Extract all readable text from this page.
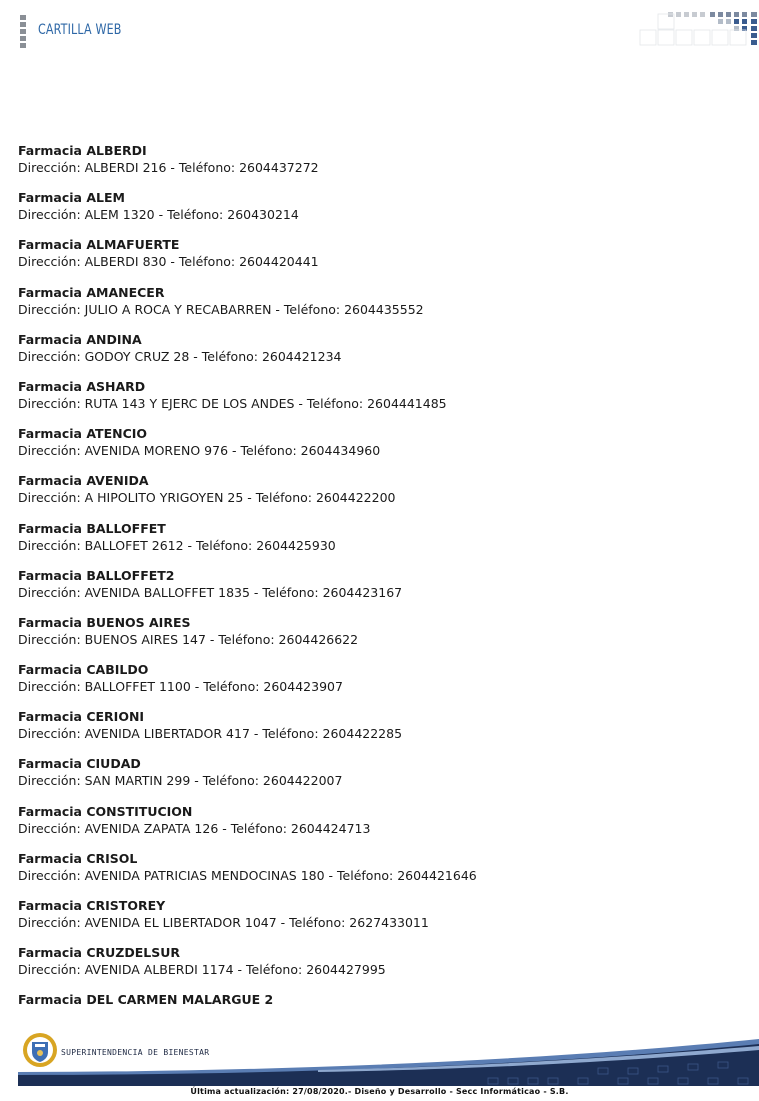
CARTILLA WEB
Farmacia ALBERDI
Dirección: ALBERDI 216 - Teléfono: 2604437272
Farmacia ALEM
Dirección: ALEM 1320 - Teléfono: 260430214
Farmacia ALMAFUERTE
Dirección: ALBERDI 830 - Teléfono: 2604420441
Farmacia AMANECER
Dirección: JULIO A ROCA Y RECABARREN - Teléfono: 2604435552
Farmacia ANDINA
Dirección: GODOY CRUZ 28 - Teléfono: 2604421234
Farmacia ASHARD
Dirección: RUTA 143 Y EJERC DE LOS ANDES - Teléfono: 2604441485
Farmacia ATENCIO
Dirección: AVENIDA MORENO 976 - Teléfono: 2604434960
Farmacia AVENIDA
Dirección: A HIPOLITO YRIGOYEN 25 - Teléfono: 2604422200
Farmacia BALLOFFET
Dirección: BALLOFET 2612 - Teléfono: 2604425930
Farmacia BALLOFFET2
Dirección: AVENIDA BALLOFFET 1835 - Teléfono: 2604423167
Farmacia BUENOS AIRES
Dirección: BUENOS AIRES 147 - Teléfono: 2604426622
Farmacia CABILDO
Dirección: BALLOFFET 1100 - Teléfono: 2604423907
Farmacia CERIONI
Dirección: AVENIDA LIBERTADOR 417 - Teléfono: 2604422285
Farmacia CIUDAD
Dirección: SAN MARTIN 299 - Teléfono: 2604422007
Farmacia CONSTITUCION
Dirección: AVENIDA ZAPATA 126 - Teléfono: 2604424713
Farmacia CRISOL
Dirección: AVENIDA PATRICIAS MENDOCINAS 180 - Teléfono: 2604421646
Farmacia CRISTOREY
Dirección: AVENIDA EL LIBERTADOR 1047 - Teléfono: 2627433011
Farmacia CRUZDELSUR
Dirección: AVENIDA ALBERDI 1174 - Teléfono: 2604427995
Farmacia DEL CARMEN MALARGUE 2
SUPERINTENDENCIA DE BIENESTAR
Última actualización: 27/08/2020.- Diseño y Desarrollo - Secc Informáticao - S.B.
